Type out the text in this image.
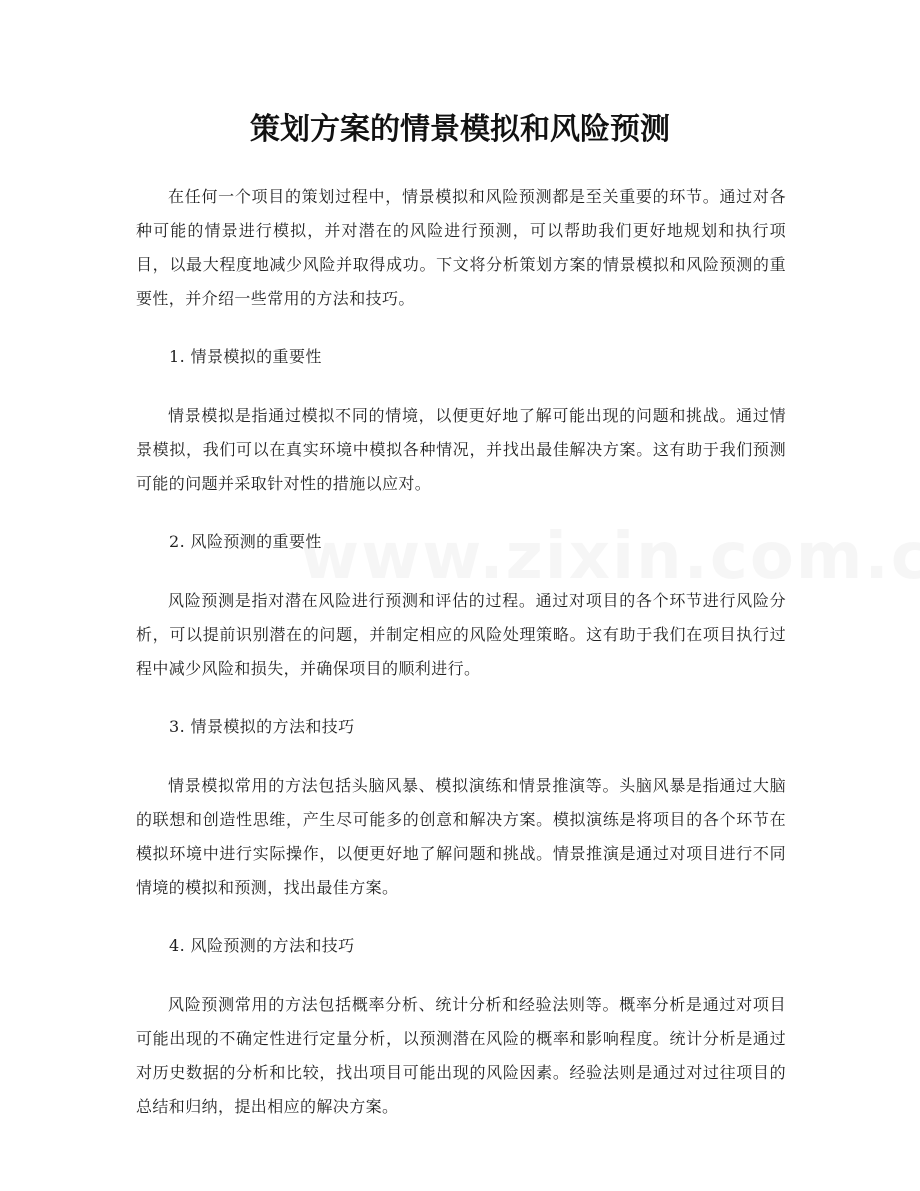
策划方案的情景模拟和风险预测

在任何一个项目的策划过程中，情景模拟和风险预测都是至关重要的环节。通过对各种可能的情景进行模拟，并对潜在的风险进行预测，可以帮助我们更好地规划和执行项目，以最大程度地减少风险并取得成功。下文将分析策划方案的情景模拟和风险预测的重要性，并介绍一些常用的方法和技巧。

1. 情景模拟的重要性

情景模拟是指通过模拟不同的情境，以便更好地了解可能出现的问题和挑战。通过情景模拟，我们可以在真实环境中模拟各种情况，并找出最佳解决方案。这有助于我们预测可能的问题并采取针对性的措施以应对。

2. 风险预测的重要性

风险预测是指对潜在风险进行预测和评估的过程。通过对项目的各个环节进行风险分析，可以提前识别潜在的问题，并制定相应的风险处理策略。这有助于我们在项目执行过程中减少风险和损失，并确保项目的顺利进行。

3. 情景模拟的方法和技巧

情景模拟常用的方法包括头脑风暴、模拟演练和情景推演等。头脑风暴是指通过大脑的联想和创造性思维，产生尽可能多的创意和解决方案。模拟演练是将项目的各个环节在模拟环境中进行实际操作，以便更好地了解问题和挑战。情景推演是通过对项目进行不同情境的模拟和预测，找出最佳方案。

4. 风险预测的方法和技巧

风险预测常用的方法包括概率分析、统计分析和经验法则等。概率分析是通过对项目可能出现的不确定性进行定量分析，以预测潜在风险的概率和影响程度。统计分析是通过对历史数据的分析和比较，找出项目可能出现的风险因素。经验法则是通过对过往项目的总结和归纳，提出相应的解决方案。
